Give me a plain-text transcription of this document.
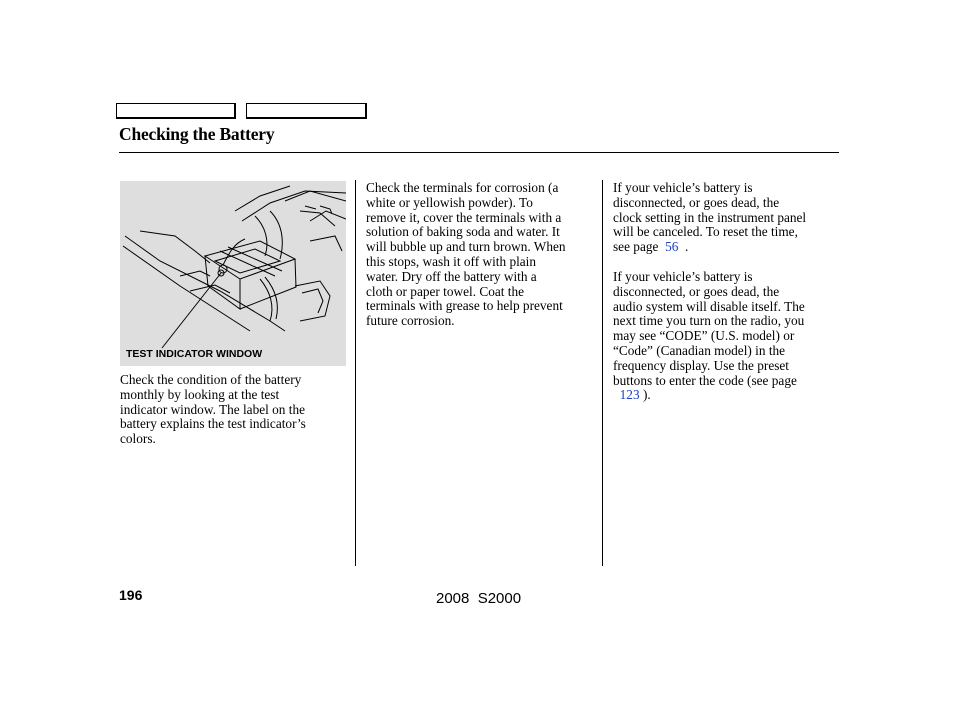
Checking the Battery
TEST INDICATOR WINDOW
Check the condition of the battery
monthly by looking at the test
indicator window. The label on the
battery explains the test indicator’s
colors.
Check the terminals for corrosion (a
white or yellowish powder). To
remove it, cover the terminals with a
solution of baking soda and water. It
will bubble up and turn brown. When
this stops, wash it off with plain
water. Dry off the battery with a
cloth or paper towel. Coat the
terminals with grease to help prevent
future corrosion.
If your vehicle’s battery is
disconnected, or goes dead, the
clock setting in the instrument panel
will be canceled. To reset the time,
see page 56 .
If your vehicle’s battery is
disconnected, or goes dead, the
audio system will disable itself. The
next time you turn on the radio, you
may see “CODE” (U.S. model) or
“Code” (Canadian model) in the
frequency display. Use the preset
buttons to enter the code (see page
123 ).
196	2008  S2000
